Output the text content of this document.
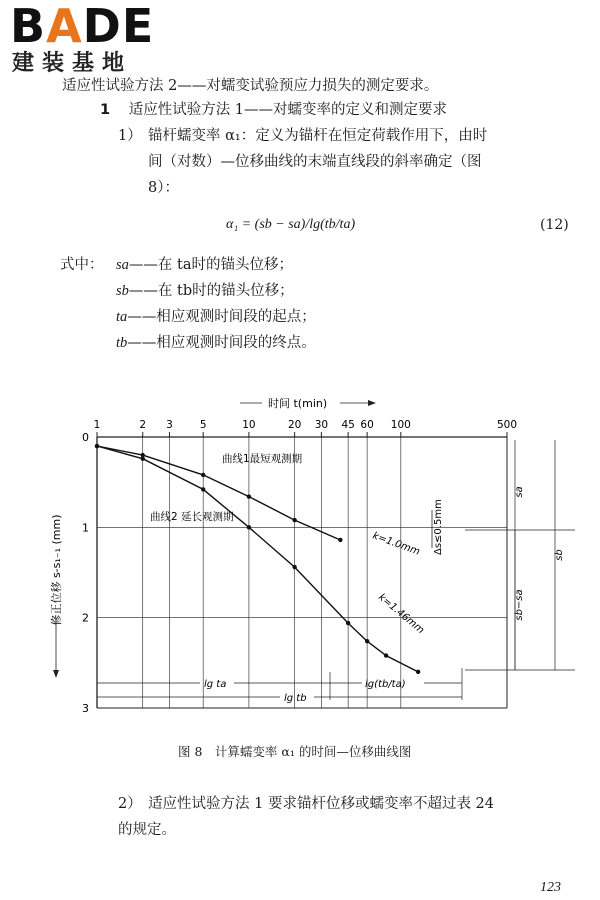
BADE
建装基地
适应性试验方法 2——对蠕变试验预应力损失的测定要求。
1 适应性试验方法 1——对蠕变率的定义和测定要求
1） 锚杆蠕变率 α₁：定义为锚杆在恒定荷载作用下，由时
间（对数）—位移曲线的末端直线段的斜率确定（图
8）：
α₁ = (sb − sa)/lg(tb/ta)	(12)
式中： sa——在 ta时的锚头位移；
sb——在 tb时的锚头位移；
ta——相应观测时间段的起点；
tb——相应观测时间段的终点。
时间 t(min)
修正位移 s-s₁₋₁ (mm)	Δs≤0.5mm
sa
sb
sb−sa
lg ta	lg(tb/ta)
lg tb
曲线1最短观测期
曲线2 延长观测期
k=1.0mm
k=1.46mm
1	2 3	5	10	20 30 45 60 100	500
0
1
2
3
图 8　计算蠕变率 α₁ 的时间—位移曲线图
2） 适应性试验方法 1 要求锚杆位移或蠕变率不超过表 24
的规定。
123
